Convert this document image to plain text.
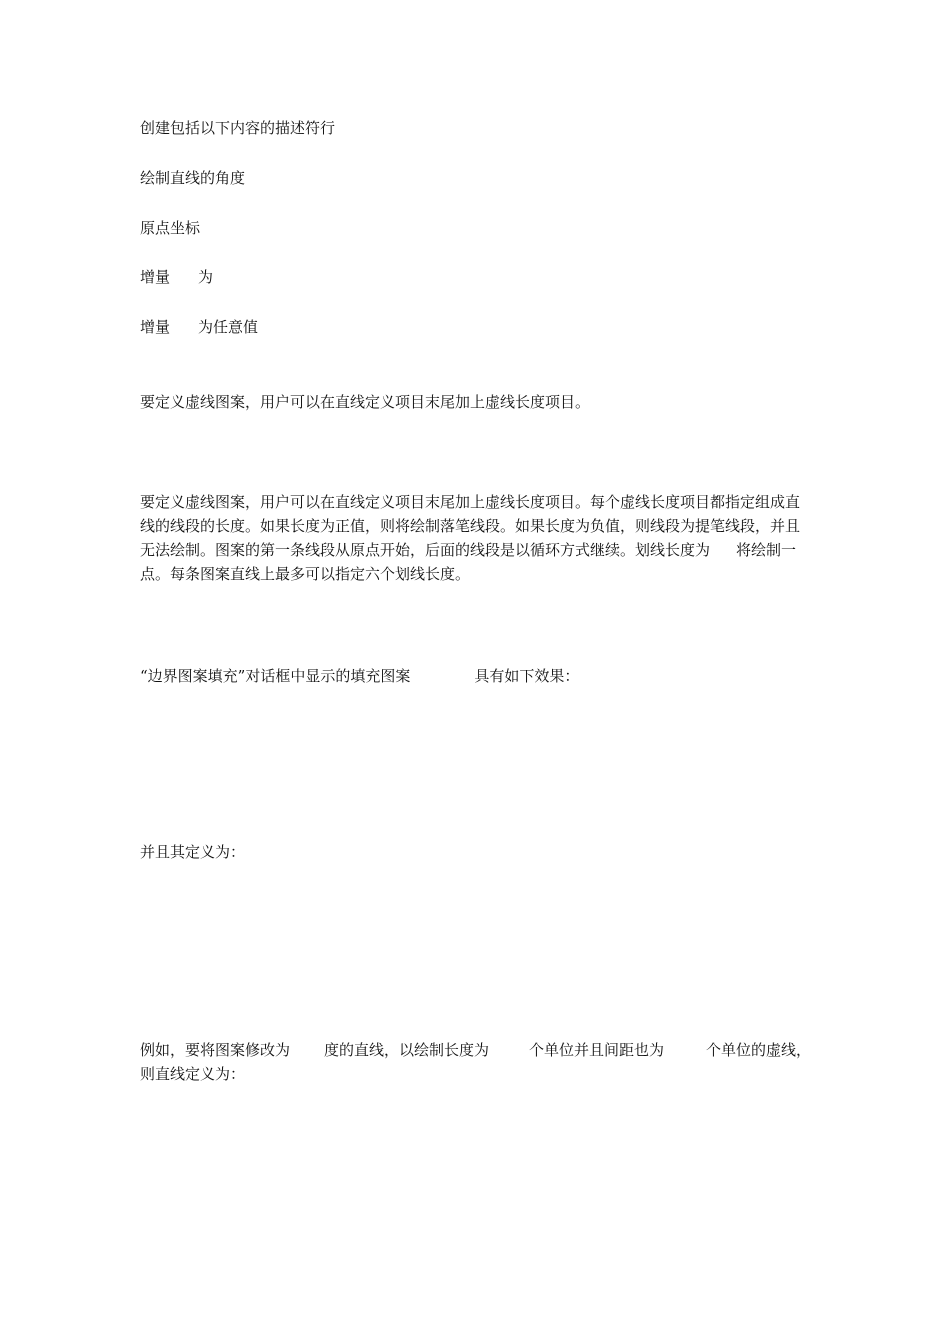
创建包括以下内容的描述符行

绘制直线的角度

原点坐标

增量 为

增量 为任意值

要定义虚线图案，用户可以在直线定义项目末尾加上虚线长度项目。

要定义虚线图案，用户可以在直线定义项目末尾加上虚线长度项目。每个虚线长度项目都指定组成直线的线段的长度。如果长度为正值，则将绘制落笔线段。如果长度为负值，则线段为提笔线段，并且无法绘制。图案的第一条线段从原点开始，后面的线段是以循环方式继续。划线长度为 将绘制一点。每条图案直线上最多可以指定六个划线长度。

“边界图案填充”对话框中显示的填充图案	具有如下效果：

并且其定义为：

例如，要将图案修改为 度的直线，以绘制长度为	个单位并且间距也为	个单位的虚线，则直线定义为：
